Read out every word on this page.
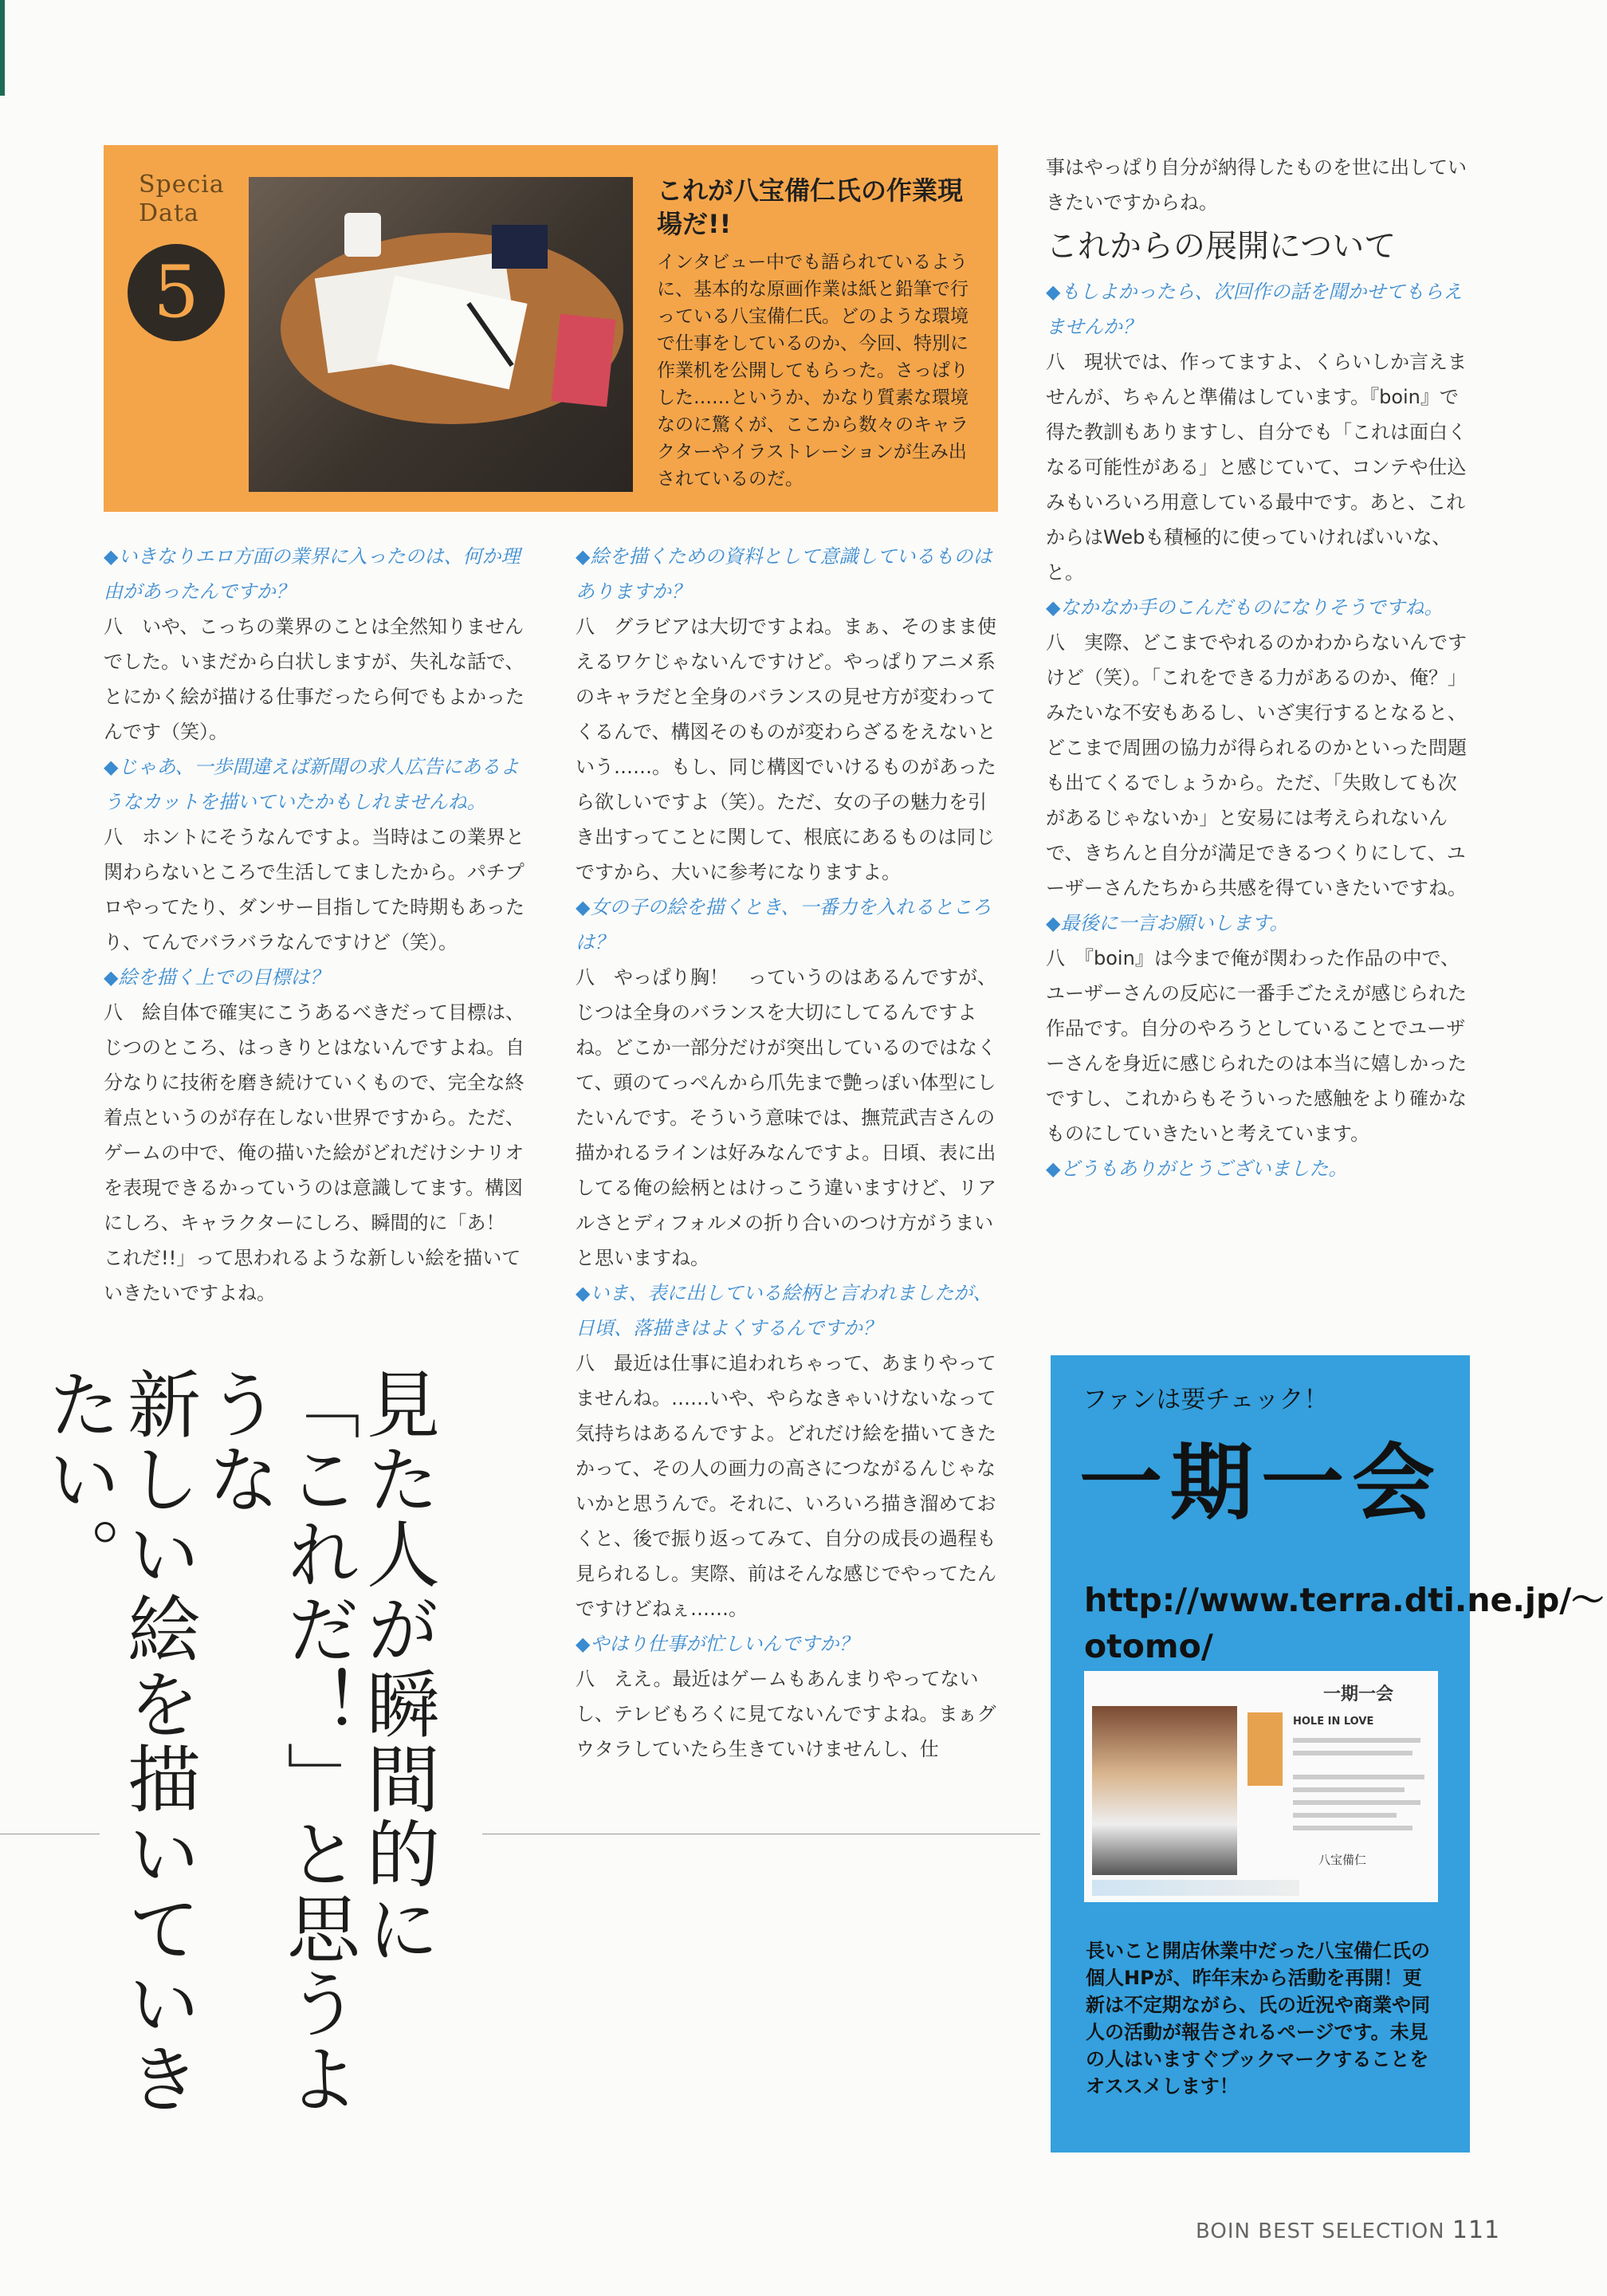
Specia
Data
5
これが八宝備仁氏の作業現場だ!!
インタビュー中でも語られているように、基本的な原画作業は紙と鉛筆で行っている八宝備仁氏。どのような環境で仕事をしているのか、今回、特別に作業机を公開してもらった。さっぱりした……というか、かなり質素な環境なのに驚くが、ここから数々のキャラクターやイラストレーションが生み出されているのだ。

◆いきなりエロ方面の業界に入ったのは、何か理由があったんですか？

八　いや、こっちの業界のことは全然知りませんでした。いまだから白状しますが、失礼な話で、とにかく絵が描ける仕事だったら何でもよかったんです（笑）。

◆じゃあ、一歩間違えば新聞の求人広告にあるようなカットを描いていたかもしれませんね。

八　ホントにそうなんですよ。当時はこの業界と関わらないところで生活してましたから。パチプロやってたり、ダンサー目指してた時期もあったり、てんでバラバラなんですけど（笑）。

◆絵を描く上での目標は？

八　絵自体で確実にこうあるべきだって目標は、じつのところ、はっきりとはないんですよね。自分なりに技術を磨き続けていくもので、完全な終着点というのが存在しない世界ですから。ただ、ゲームの中で、俺の描いた絵がどれだけシナリオを表現できるかっていうのは意識してます。構図にしろ、キャラクターにしろ、瞬間的に「あ！　これだ!!」って思われるような新しい絵を描いていきたいですよね。

◆絵を描くための資料として意識しているものはありますか？

八　グラビアは大切ですよね。まぁ、そのまま使えるワケじゃないんですけど。やっぱりアニメ系のキャラだと全身のバランスの見せ方が変わってくるんで、構図そのものが変わらざるをえないという……。もし、同じ構図でいけるものがあったら欲しいですよ（笑）。ただ、女の子の魅力を引き出すってことに関して、根底にあるものは同じですから、大いに参考になりますよ。

◆女の子の絵を描くとき、一番力を入れるところは？

八　やっぱり胸！　っていうのはあるんですが、じつは全身のバランスを大切にしてるんですよね。どこか一部分だけが突出しているのではなくて、頭のてっぺんから爪先まで艶っぽい体型にしたいんです。そういう意味では、撫荒武吉さんの描かれるラインは好みなんですよ。日頃、表に出してる俺の絵柄とはけっこう違いますけど、リアルさとディフォルメの折り合いのつけ方がうまいと思いますね。

◆いま、表に出している絵柄と言われましたが、日頃、落描きはよくするんですか？

八　最近は仕事に追われちゃって、あまりやってませんね。……いや、やらなきゃいけないなって気持ちはあるんですよ。どれだけ絵を描いてきたかって、その人の画力の高さにつながるんじゃないかと思うんで。それに、いろいろ描き溜めておくと、後で振り返ってみて、自分の成長の過程も見られるし。実際、前はそんな感じでやってたんですけどねぇ……。

◆やはり仕事が忙しいんですか？

八　ええ。最近はゲームもあんまりやってないし、テレビもろくに見てないんですよね。まぁグウタラしていたら生きていけませんし、仕

事はやっぱり自分が納得したものを世に出していきたいですからね。

これからの展開について

◆もしよかったら、次回作の話を聞かせてもらえませんか？

八　現状では、作ってますよ、くらいしか言えませんが、ちゃんと準備はしています。『boin』で得た教訓もありますし、自分でも「これは面白くなる可能性がある」と感じていて、コンテや仕込みもいろいろ用意している最中です。あと、これからはWebも積極的に使っていければいいな、と。

◆なかなか手のこんだものになりそうですね。

八　実際、どこまでやれるのかわからないんですけど（笑）。「これをできる力があるのか、俺？」みたいな不安もあるし、いざ実行するとなると、どこまで周囲の協力が得られるのかといった問題も出てくるでしょうから。ただ、「失敗しても次があるじゃないか」と安易には考えられないんで、きちんと自分が満足できるつくりにして、ユーザーさんたちから共感を得ていきたいですね。

◆最後に一言お願いします。

八　『boin』は今まで俺が関わった作品の中で、ユーザーさんの反応に一番手ごたえが感じられた作品です。自分のやろうとしていることでユーザーさんを身近に感じられたのは本当に嬉しかったですし、これからもそういった感触をより確かなものにしていきたいと考えています。

◆どうもありがとうございました。

見た人が瞬間的に
「これだ！」と思うような
新しい絵を描いていきたい。	ファンは要チェック！
一期一会
http://www.terra.dti.ne.jp/〜otomo/
一期一会
HOLE IN LOVE
八宝備仁
長いこと開店休業中だった八宝備仁氏の個人HPが、昨年末から活動を再開！更新は不定期ながら、氏の近況や商業や同人の活動が報告されるページです。未見の人はいますぐブックマークすることをオススメします！
BOIN BEST SELECTION 111
